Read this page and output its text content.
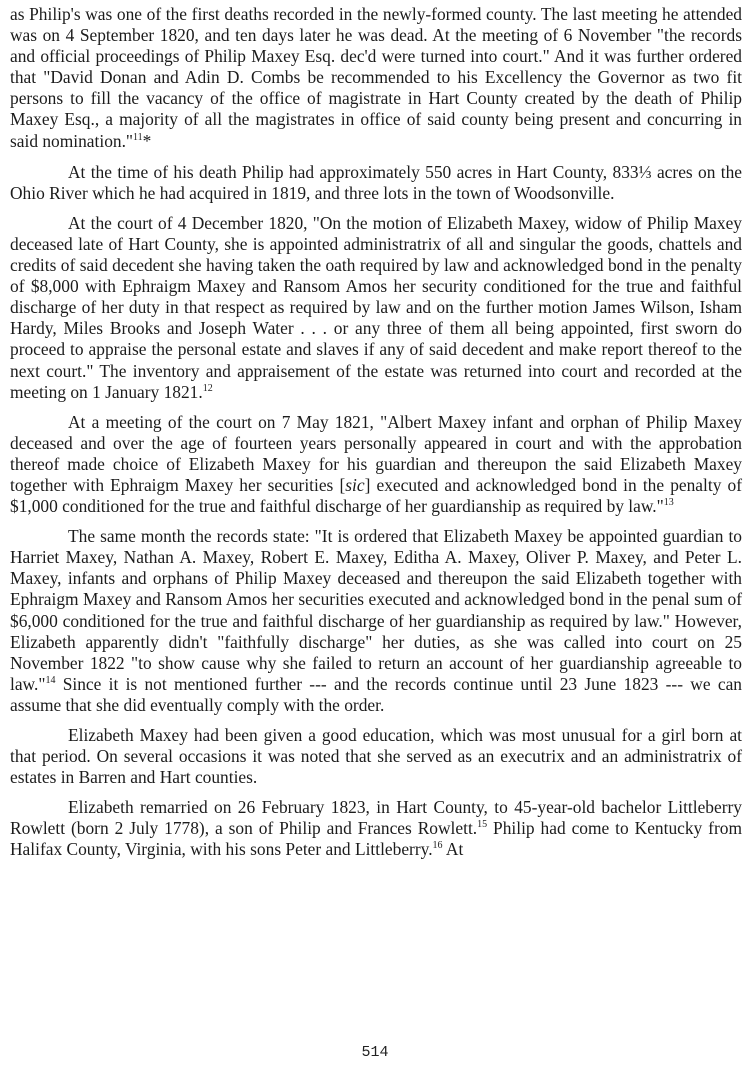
as Philip's was one of the first deaths recorded in the newly-formed county. The last meeting he attended was on 4 September 1820, and ten days later he was dead. At the meeting of 6 November "the records and official proceedings of Philip Maxey Esq. dec'd were turned into court." And it was further ordered that "David Donan and Adin D. Combs be recommended to his Excellency the Governor as two fit persons to fill the vacancy of the office of magistrate in Hart County created by the death of Philip Maxey Esq., a majority of all the magistrates in office of said county being present and concurring in said nomination."$^{11}$*

At the time of his death Philip had approximately 550 acres in Hart County, 833⅓ acres on the Ohio River which he had acquired in 1819, and three lots in the town of Woodsonville.

At the court of 4 December 1820, "On the motion of Elizabeth Maxey, widow of Philip Maxey deceased late of Hart County, she is appointed administratrix of all and singular the goods, chattels and credits of said decedent she having taken the oath required by law and acknowledged bond in the penalty of $8,000 with Ephraigm Maxey and Ransom Amos her security conditioned for the true and faithful discharge of her duty in that respect as required by law and on the further motion James Wilson, Isham Hardy, Miles Brooks and Joseph Water . . . or any three of them all being appointed, first sworn do proceed to appraise the personal estate and slaves if any of said decedent and make report thereof to the next court." The inventory and appraisement of the estate was returned into court and recorded at the meeting on 1 January 1821.12

At a meeting of the court on 7 May 1821, "Albert Maxey infant and orphan of Philip Maxey deceased and over the age of fourteen years personally appeared in court and with the approbation thereof made choice of Elizabeth Maxey for his guardian and thereupon the said Elizabeth Maxey together with Ephraigm Maxey her securities [sic] executed and acknowledged bond in the penalty of $1,000 conditioned for the true and faithful discharge of her guardianship as required by law."$^{13}$

The same month the records state: "It is ordered that Elizabeth Maxey be appointed guardian to Harriet Maxey, Nathan A. Maxey, Robert E. Maxey, Editha A. Maxey, Oliver P. Maxey, and Peter L. Maxey, infants and orphans of Philip Maxey deceased and thereupon the said Elizabeth together with Ephraigm Maxey and Ransom Amos her securities executed and acknowledged bond in the penal sum of $6,000 conditioned for the true and faithful discharge of her guardianship as required by law." However, Elizabeth apparently didn't "faithfully discharge" her duties, as she was called into court on 25 November 1822 "to show cause why she failed to return an account of her guardianship agreeable to law."$^{14}$ Since it is not mentioned further --- and the records continue until 23 June 1823 --- we can assume that she did eventually comply with the order.

Elizabeth Maxey had been given a good education, which was most unusual for a girl born at that period. On several occasions it was noted that she served as an executrix and an administratrix of estates in Barren and Hart counties.

Elizabeth remarried on 26 February 1823, in Hart County, to 45-year-old bachelor Littleberry Rowlett (born 2 July 1778), a son of Philip and Frances Rowlett.$^{15}$ Philip had come to Kentucky from Halifax County, Virginia, with his sons Peter and Littleberry.$^{16}$ At

514
